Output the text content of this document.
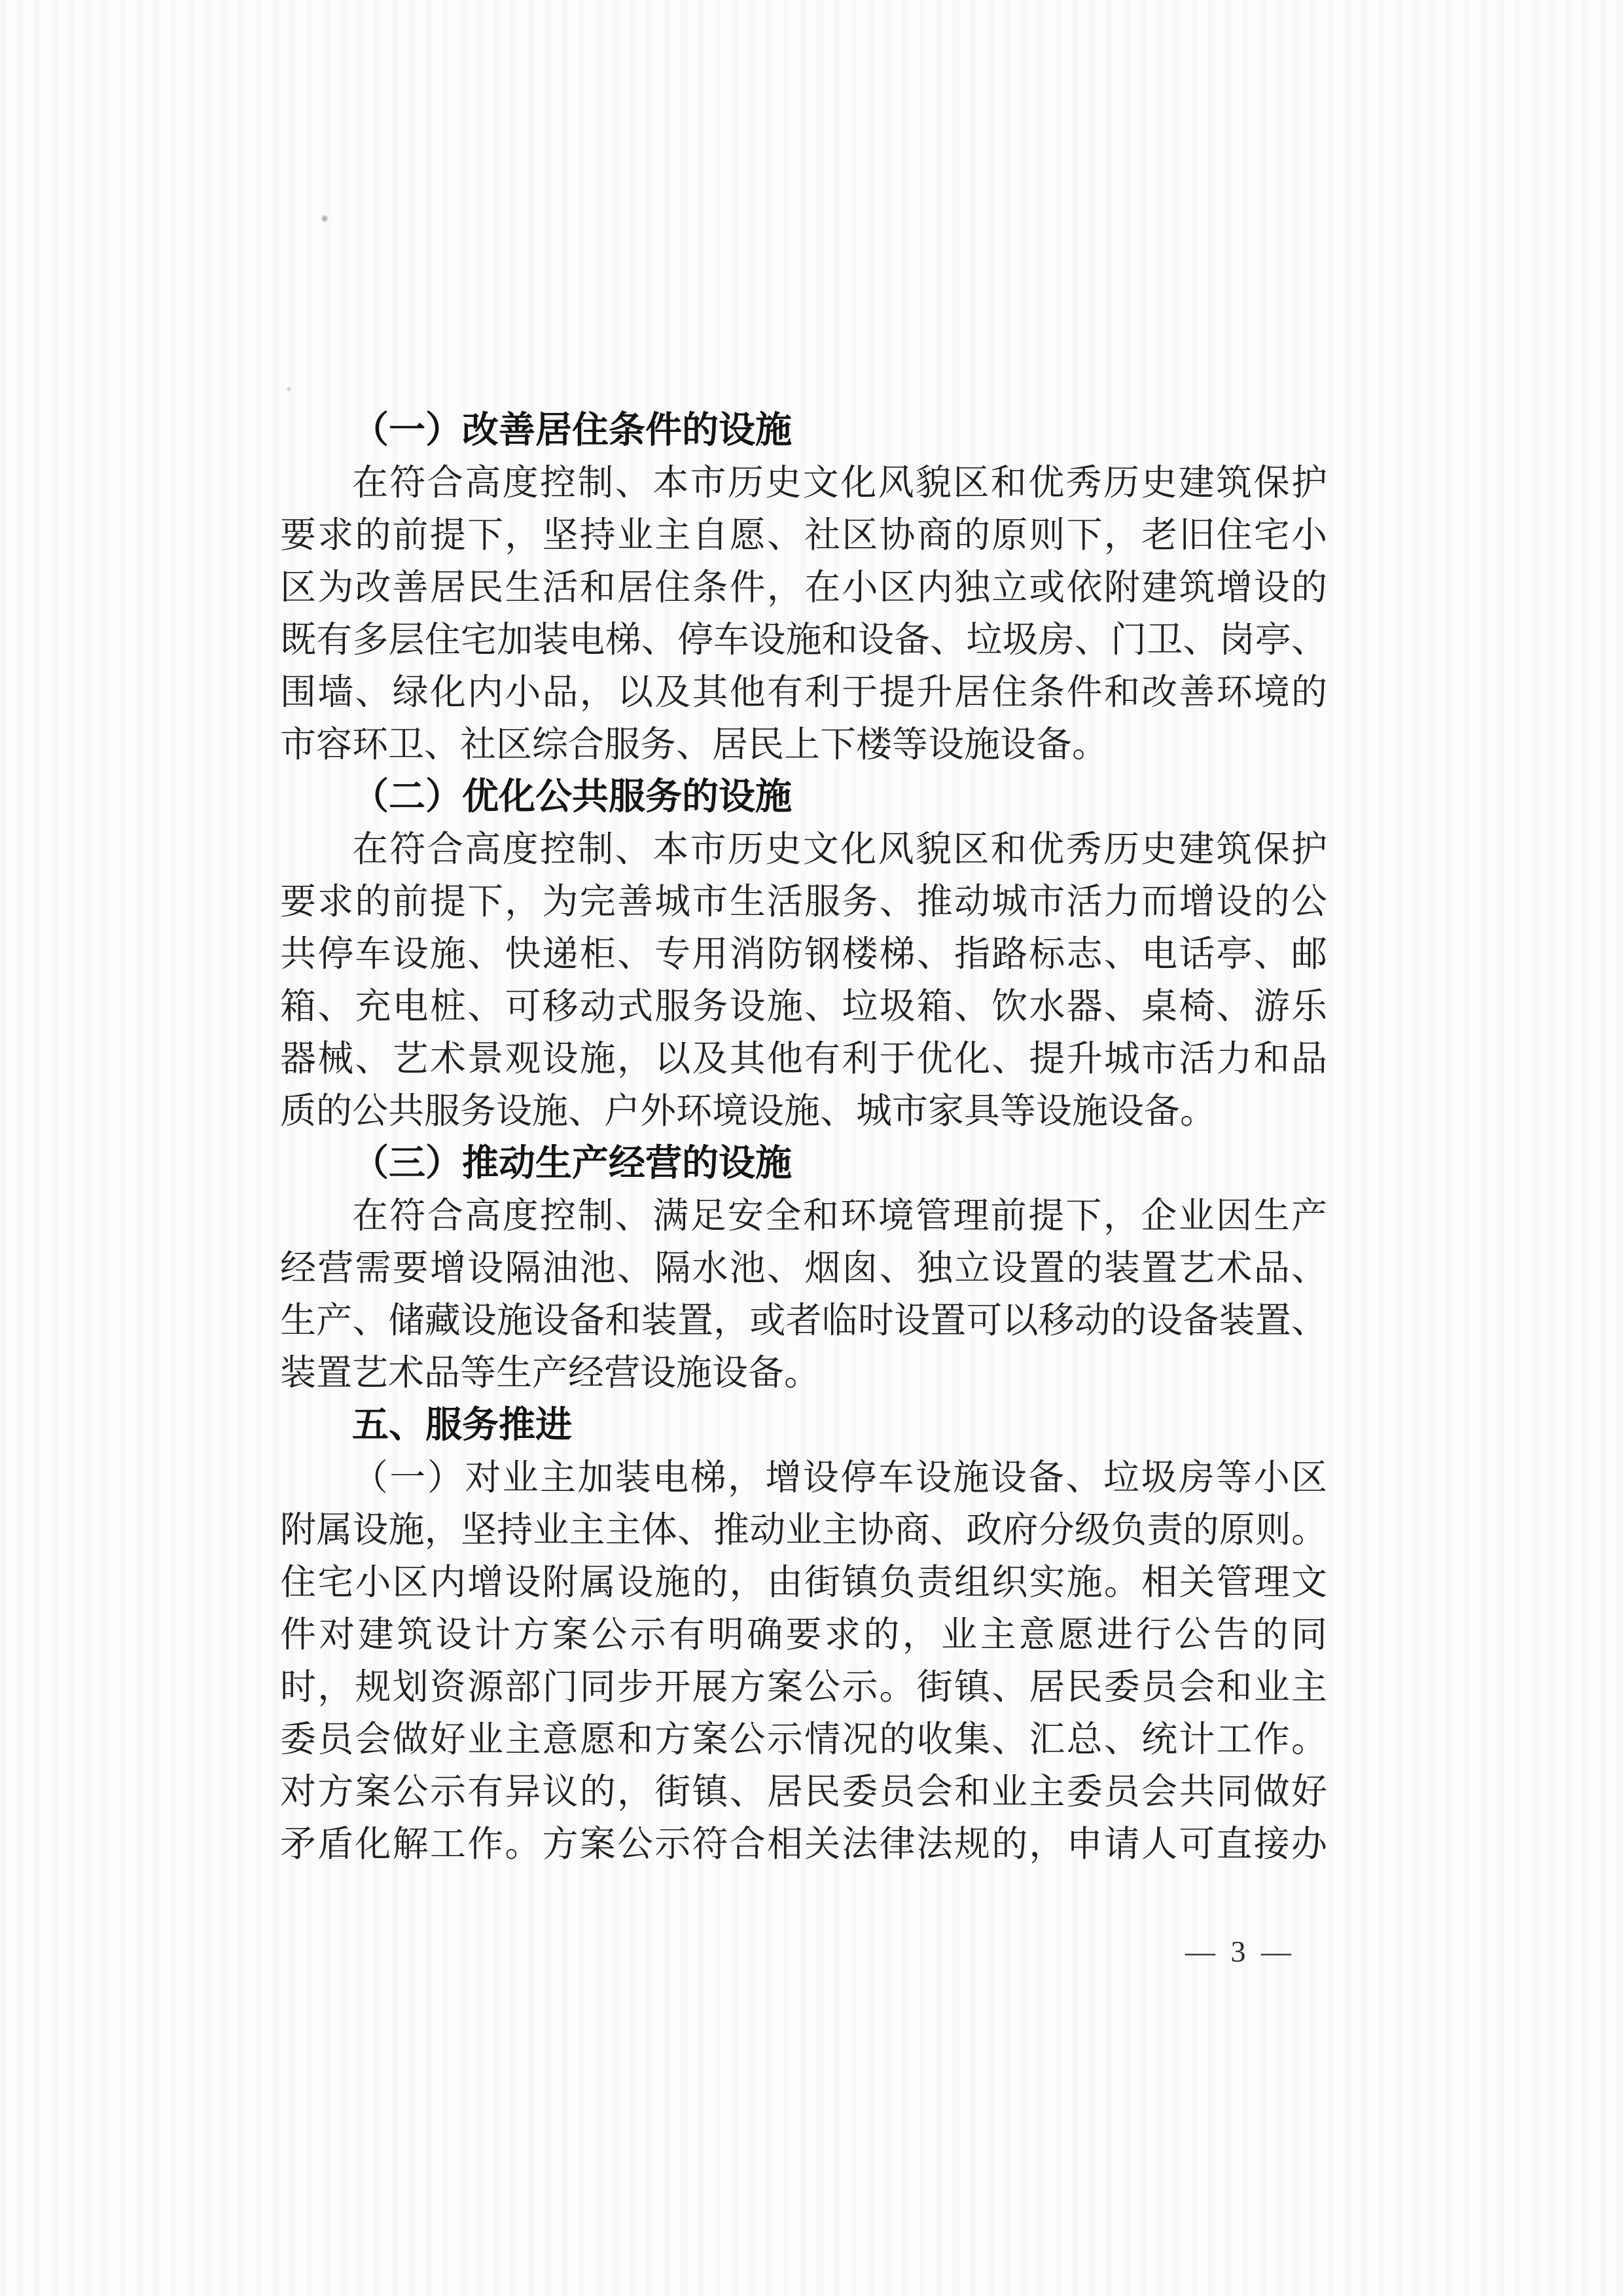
（一）改善居住条件的设施
在符合高度控制、本市历史文化风貌区和优秀历史建筑保护
要求的前提下，坚持业主自愿、社区协商的原则下，老旧住宅小
区为改善居民生活和居住条件，在小区内独立或依附建筑增设的
既有多层住宅加装电梯、停车设施和设备、垃圾房、门卫、岗亭、
围墙、绿化内小品，以及其他有利于提升居住条件和改善环境的
市容环卫、社区综合服务、居民上下楼等设施设备。
（二）优化公共服务的设施
在符合高度控制、本市历史文化风貌区和优秀历史建筑保护
要求的前提下，为完善城市生活服务、推动城市活力而增设的公
共停车设施、快递柜、专用消防钢楼梯、指路标志、电话亭、邮
箱、充电桩、可移动式服务设施、垃圾箱、饮水器、桌椅、游乐
器械、艺术景观设施，以及其他有利于优化、提升城市活力和品
质的公共服务设施、户外环境设施、城市家具等设施设备。
（三）推动生产经营的设施
在符合高度控制、满足安全和环境管理前提下，企业因生产
经营需要增设隔油池、隔水池、烟囱、独立设置的装置艺术品、
生产、储藏设施设备和装置，或者临时设置可以移动的设备装置、
装置艺术品等生产经营设施设备。
五、服务推进
（一）对业主加装电梯，增设停车设施设备、垃圾房等小区
附属设施，坚持业主主体、推动业主协商、政府分级负责的原则。
住宅小区内增设附属设施的，由街镇负责组织实施。相关管理文
件对建筑设计方案公示有明确要求的，业主意愿进行公告的同
时，规划资源部门同步开展方案公示。街镇、居民委员会和业主
委员会做好业主意愿和方案公示情况的收集、汇总、统计工作。
对方案公示有异议的，街镇、居民委员会和业主委员会共同做好
矛盾化解工作。方案公示符合相关法律法规的，申请人可直接办
— 3 —
